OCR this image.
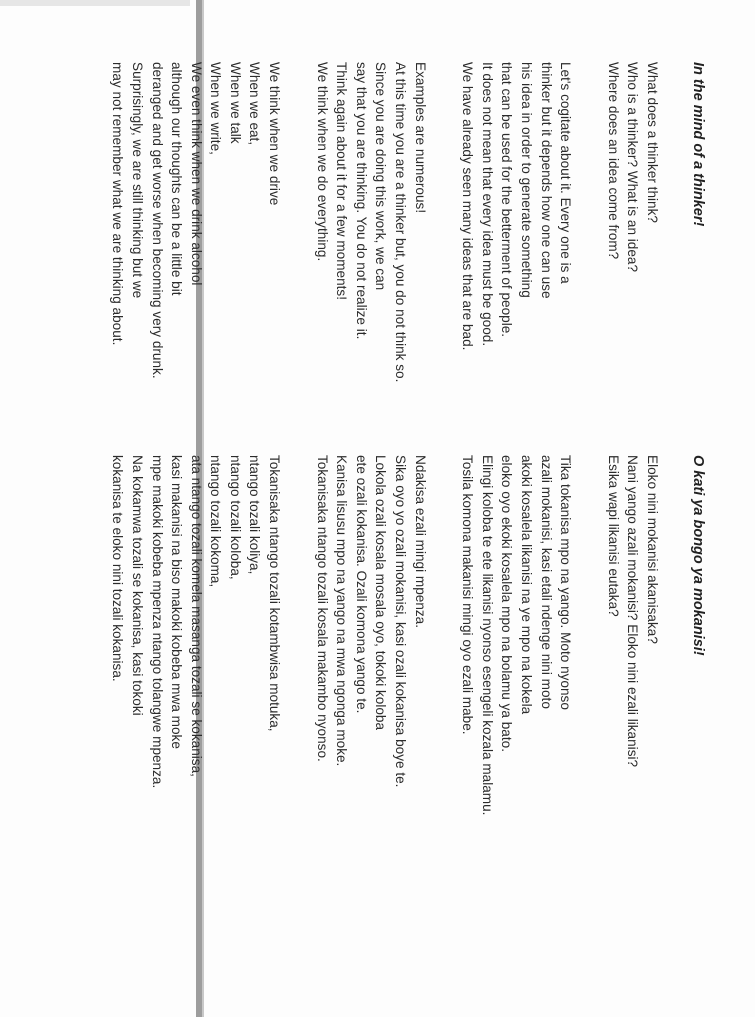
In the mind of a thinker!

What does a thinker think?

Who is a thinker? What is an idea?

Where does an idea come from?

Let's cogitate about it. Every one is a

thinker but it depends how one can use

his idea in order to generate something

that can be used for the betterment of people.

It does not mean that every idea must be good.

We have already seen many ideas that are bad.

Examples are numerous!

At this time you are a thinker but, you do not think so.

Since you are doing this work, we can

say that you are thinking. You do not realize it.

Think again about it for a few moments!

We think when we do everything.

We think when we drive

When we eat,

When we talk

When we write,

We even think when we drink alcohol

although our thoughts can be a little bit

deranged and get worse when becoming very drunk.

Surprisingly, we are still thinking but we

may not remember what we are thinking about.

O kati ya bongo ya mokanisi!

Eloko nini mokanisi akanisaka?

Nani yango azali mokanisi? Eloko nini ezali likanisi?

Esika wapi likanisi eutaka?

Tika tokanisa mpo na yango. Moto nyonso

azali mokanisi, kasi etali ndenge nini moto

akoki kosalela likanisi na ye mpo na kokela

eloko oyo ekoki kosalela mpo na bolamu ya bato.

Elingi koloba te ete likanisi nyonso esengeli kozala malamu.

Tosila komona makanisi mingi oyo ezali mabe.

Ndakisa ezali mingi mpenza.

Sika oyo yo ozali mokanisi, kasi ozali kokanisa boye te.

Lokola ozali kosala mosala oyo, tokoki koloba

ete ozali kokanisa. Ozali komona yango te.

Kanisa lisusu mpo na yango na mwa ngonga moke.

Tokanisaka ntango tozali kosala makambo nyonso.

Tokanisaka ntango tozali kotambwisa motuka,

ntango tozali koliya,

ntango tozali koloba,

ntango tozali kokoma,

ata ntango tozali komela masanga tozali se kokanisa,

kasi makanisi na biso makoki kobeba mwa moke

mpe makoki kobeba mpenza ntango tolangwe mpenza.

Na kokamwa tozali se kokanisa, kasi tokoki

kokanisa te eloko nini tozali kokanisa.
